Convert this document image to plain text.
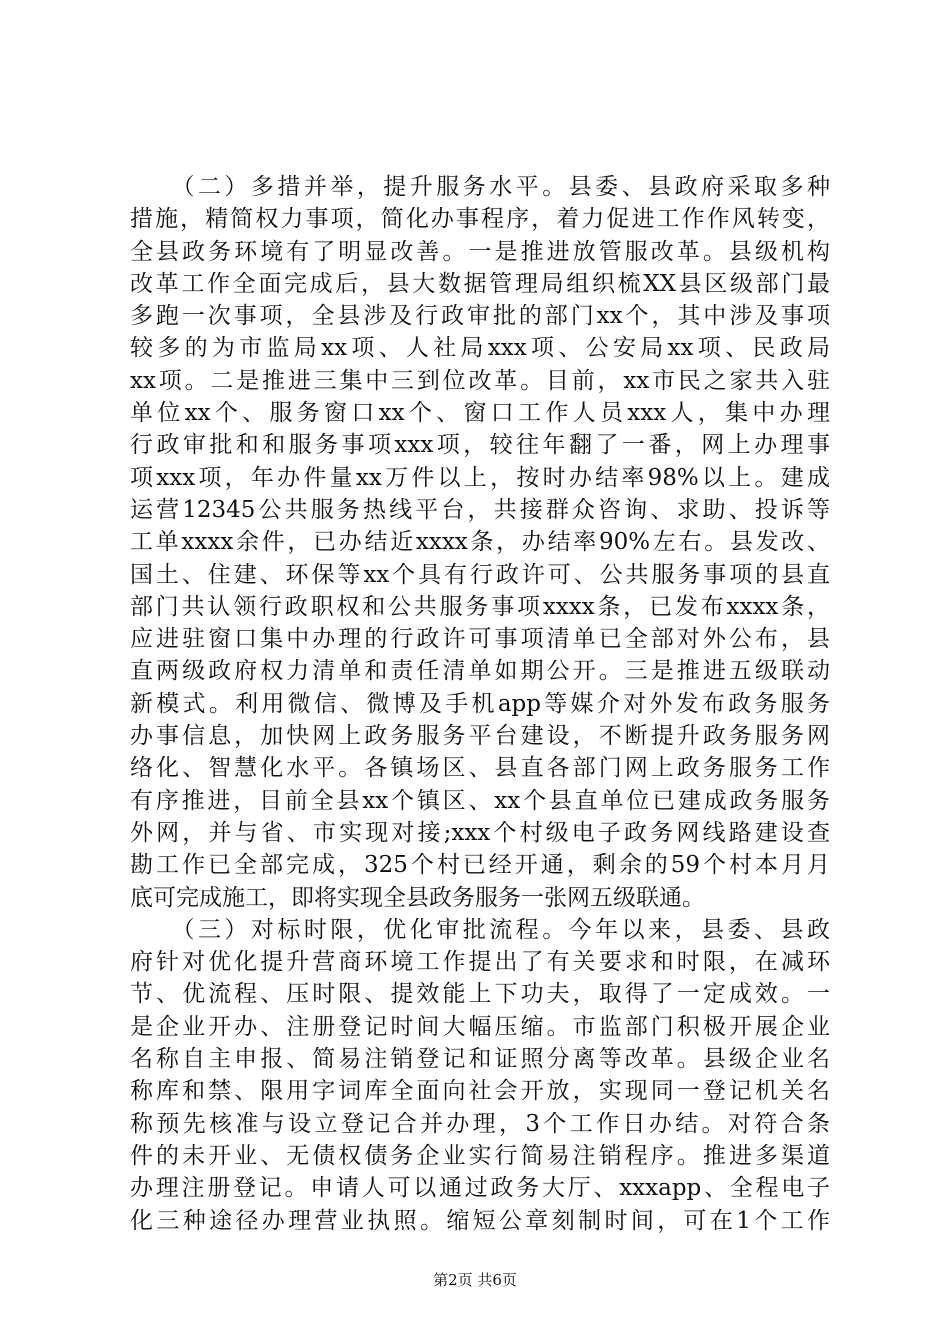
　　（二）多措并举，提升服务水平。县委、县政府采取多种
措施，精简权力事项，简化办事程序，着力促进工作作风转变，
全县政务环境有了明显改善。一是推进放管服改革。县级机构
改革工作全面完成后，县大数据管理局组织梳XX县区级部门最
多跑一次事项，全县涉及行政审批的部门xx个，其中涉及事项
较多的为市监局xx项、人社局xxx项、公安局xx项、民政局
xx项。二是推进三集中三到位改革。目前，xx市民之家共入驻
单位xx个、服务窗口xx个、窗口工作人员xxx人，集中办理
行政审批和和服务事项xxx项，较往年翻了一番，网上办理事
项xxx项，年办件量xx万件以上，按时办结率98%以上。建成
运营12345公共服务热线平台，共接群众咨询、求助、投诉等
工单xxxx余件，已办结近xxxx条，办结率90%左右。县发改、
国土、住建、环保等xx个具有行政许可、公共服务事项的县直
部门共认领行政职权和公共服务事项xxxx条，已发布xxxx条，
应进驻窗口集中办理的行政许可事项清单已全部对外公布，县
直两级政府权力清单和责任清单如期公开。三是推进五级联动
新模式。利用微信、微博及手机app等媒介对外发布政务服务
办事信息，加快网上政务服务平台建设，不断提升政务服务网
络化、智慧化水平。各镇场区、县直各部门网上政务服务工作
有序推进，目前全县xx个镇区、xx个县直单位已建成政务服务
外网，并与省、市实现对接;xxx个村级电子政务网线路建设查
勘工作已全部完成，325个村已经开通，剩余的59个村本月月
底可完成施工，即将实现全县政务服务一张网五级联通。
　　（三）对标时限，优化审批流程。今年以来，县委、县政
府针对优化提升营商环境工作提出了有关要求和时限，在减环
节、优流程、压时限、提效能上下功夫，取得了一定成效。一
是企业开办、注册登记时间大幅压缩。市监部门积极开展企业
名称自主申报、简易注销登记和证照分离等改革。县级企业名
称库和禁、限用字词库全面向社会开放，实现同一登记机关名
称预先核准与设立登记合并办理，3个工作日办结。对符合条
件的未开业、无债权债务企业实行简易注销程序。推进多渠道
办理注册登记。申请人可以通过政务大厅、xxxapp、全程电子
化三种途径办理营业执照。缩短公章刻制时间，可在1个工作
第2页 共6页
